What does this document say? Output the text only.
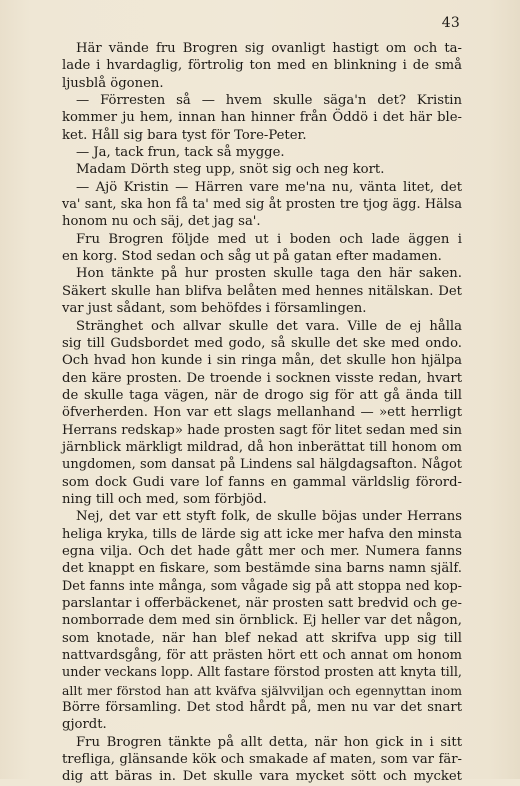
43
Här vände fru Brogren sig ovanligt hastigt om och ta-
lade i hvardaglig, förtrolig ton med en blinkning i de små
ljusblå ögonen.
— Förresten så — hvem skulle säga'n det? Kristin
kommer ju hem, innan han hinner från Öddö i det här ble-
ket. Håll sig bara tyst för Tore-Peter.
— Ja, tack frun, tack så mygge.
Madam Dörth steg upp, snöt sig och neg kort.
— Ajö Kristin — Härren vare me'na nu, vänta litet, det
va' sant, ska hon få ta' med sig åt prosten tre tjog ägg. Hälsa
honom nu och säj, det jag sa'.
Fru Brogren följde med ut i boden och lade äggen i
en korg. Stod sedan och såg ut på gatan efter madamen.
Hon tänkte på hur prosten skulle taga den här saken.
Säkert skulle han blifva belåten med hennes nitälskan. Det
var just sådant, som behöfdes i församlingen.
Stränghet och allvar skulle det vara. Ville de ej hålla
sig till Gudsbordet med godo, så skulle det ske med ondo.
Och hvad hon kunde i sin ringa mån, det skulle hon hjälpa
den käre prosten. De troende i socknen visste redan, hvart
de skulle taga vägen, när de drogo sig för att gå ända till
öfverherden. Hon var ett slags mellanhand — »ett herrligt
Herrans redskap» hade prosten sagt för litet sedan med sin
järnblick märkligt mildrad, då hon inberättat till honom om
ungdomen, som dansat på Lindens sal hälgdagsafton. Något
som dock Gudi vare lof fanns en gammal världslig förord-
ning till och med, som förbjöd.
Nej, det var ett styft folk, de skulle böjas under Herrans
heliga kryka, tills de lärde sig att icke mer hafva den minsta
egna vilja. Och det hade gått mer och mer. Numera fanns
det knappt en fiskare, som bestämde sina barns namn själf.
Det fanns inte många, som vågade sig på att stoppa ned kop-
parslantar i offerbäckenet, när prosten satt bredvid och ge-
nomborrade dem med sin örnblick. Ej heller var det någon,
som knotade, när han blef nekad att skrifva upp sig till
nattvardsgång, för att prästen hört ett och annat om honom
under veckans lopp. Allt fastare förstod prosten att knyta till,
allt mer förstod han att kväfva självviljan och egennyttan inom
Börre församling. Det stod hårdt på, men nu var det snart
gjordt.
Fru Brogren tänkte på allt detta, när hon gick in i sitt
trefliga, glänsande kök och smakade af maten, som var fär-
dig att bäras in. Det skulle vara mycket sött och mycket
